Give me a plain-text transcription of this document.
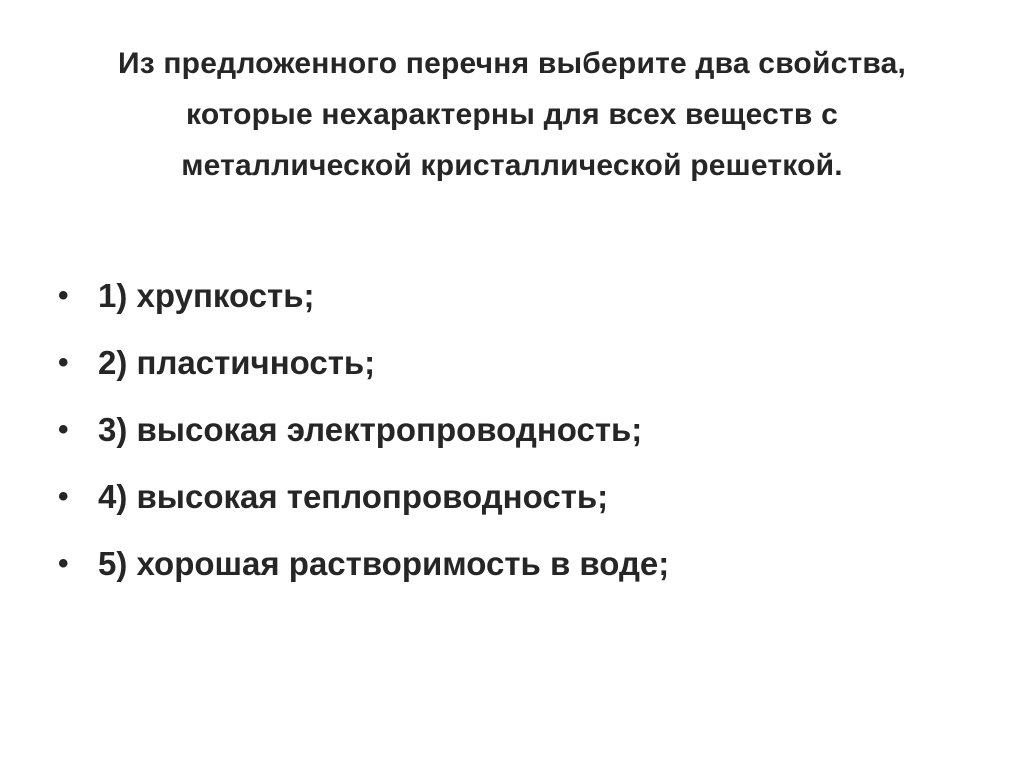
Из предложенного перечня выберите два свойства,
которые нехарактерны для всех веществ с
металлической кристаллической решеткой.
• 1) хрупкость;
• 2) пластичность;
• 3) высокая электропроводность;
• 4) высокая теплопроводность;
• 5) хорошая растворимость в воде;
